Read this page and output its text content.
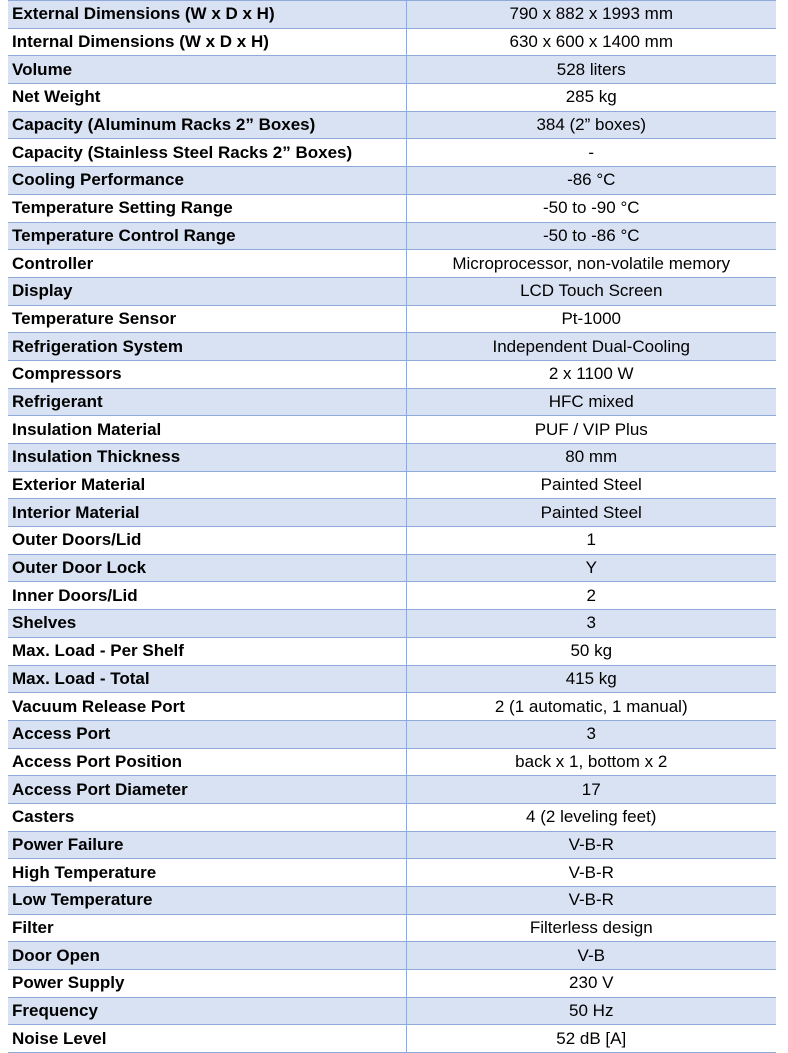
External Dimensions (W x D x H)	790 x 882 x 1993 mm
Internal Dimensions (W x D x H)	630 x 600 x 1400 mm
Volume	528 liters
Net Weight	285 kg
Capacity (Aluminum Racks 2” Boxes)	384 (2” boxes)
Capacity (Stainless Steel Racks 2” Boxes)	-
Cooling Performance	-86 °C
Temperature Setting Range	-50 to -90 °C
Temperature Control Range	-50 to -86 °C
Controller	Microprocessor, non-volatile memory
Display	LCD Touch Screen
Temperature Sensor	Pt-1000
Refrigeration System	Independent Dual-Cooling
Compressors	2 x 1100 W
Refrigerant	HFC mixed
Insulation Material	PUF / VIP Plus
Insulation Thickness	80 mm
Exterior Material	Painted Steel
Interior Material	Painted Steel
Outer Doors/Lid	1
Outer Door Lock	Y
Inner Doors/Lid	2
Shelves	3
Max. Load - Per Shelf	50 kg
Max. Load - Total	415 kg
Vacuum Release Port	2 (1 automatic, 1 manual)
Access Port	3
Access Port Position	back x 1, bottom x 2
Access Port Diameter	17
Casters	4 (2 leveling feet)
Power Failure	V-B-R
High Temperature	V-B-R
Low Temperature	V-B-R
Filter	Filterless design
Door Open	V-B
Power Supply	230 V
Frequency	50 Hz
Noise Level	52 dB [A]
